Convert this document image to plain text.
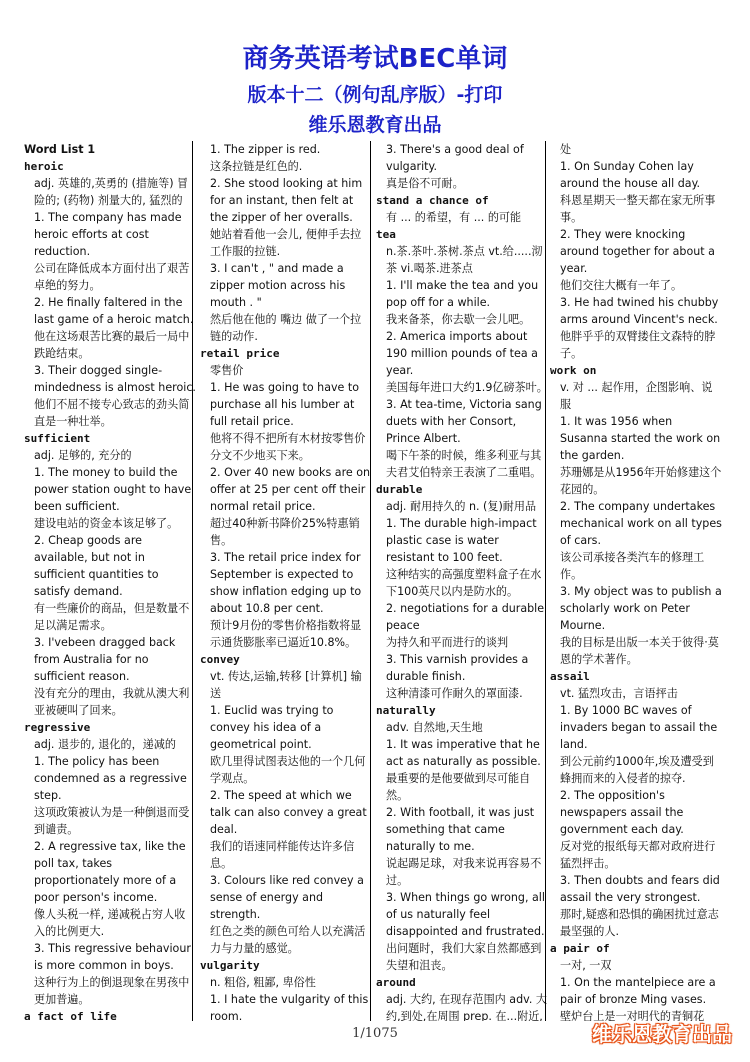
商务英语考试BEC单词
版本十二（例句乱序版）-打印
维乐恩教育出品

Word List 1

heroic

adj. 英雄的,英勇的 (措施等) 冒险的; (药物) 剂量大的, 猛烈的

1. The company has made heroic efforts at cost reduction.

公司在降低成本方面付出了艰苦卓绝的努力。

2. He finally faltered in the last game of a heroic match.

他在这场艰苦比赛的最后一局中跌跄结束。

3. Their dogged single-mindedness is almost heroic.

他们不屈不接专心致志的劲头简直是一种壮举。

sufficient

adj. 足够的, 充分的

1. The money to build the power station ought to have been sufficient.

建设电站的资金本该足够了。

2. Cheap goods are available, but not in sufficient quantities to satisfy demand.

有一些廉价的商品，但是数量不足以满足需求。

3. I'vebeen dragged back from Australia for no sufficient reason.

没有充分的理由，我就从澳大利亚被硬叫了回来。

regressive

adj. 退步的, 退化的，递减的

1. The policy has been condemned as a regressive step.

这项政策被认为是一种倒退而受到谴责。

2. A regressive tax, like the poll tax, takes proportionately more of a poor person's income.

像人头税一样, 递减税占穷人收入的比例更大.

3. This regressive behaviour is more common in boys.

这种行为上的倒退现象在男孩中更加普遍。

a fact of life

1. The zipper is red.

这条拉链是红色的.

2. She stood looking at him for an instant, then felt at the zipper of her overalls.

她站着看他一会儿, 便伸手去拉工作服的拉链.

3. I can't , " and made a zipper motion across his mouth . "

然后他在他的 嘴边 做了一个拉链的动作.

retail price

零售价

1. He was going to have to purchase all his lumber at full retail price.

他将不得不把所有木材按零售价分文不少地买下来。

2. Over 40 new books are on offer at 25 per cent off their normal retail price.

超过40种新书降价25%特惠销售。

3. The retail price index for September is expected to show inflation edging up to about 10.8 per cent.

预计9月份的零售价格指数将显示通货膨胀率已逼近10.8%。

convey

vt. 传达,运输,转移 [计算机] 输送

1. Euclid was trying to convey his idea of a geometrical point.

欧几里得试图表达他的一个几何学观点。

2. The speed at which we talk can also convey a great deal.

我们的语速同样能传达许多信息。

3. Colours like red convey a sense of energy and strength.

红色之类的颜色可给人以充满活力与力量的感觉。

vulgarity

n. 粗俗, 粗鄙, 卑俗性

1. I hate the vulgarity of this room.

3. There's a good deal of vulgarity.

真是俗不可耐。

stand a chance of

有 ... 的希望，有 ... 的可能

tea

n.茶.茶叶.茶树.茶点 vt.给.....沏茶 vi.喝茶.进茶点

1. I'll make the tea and you pop off for a while.

我来备茶，你去歇一会儿吧。

2. America imports about 190 million pounds of tea a year.

美国每年进口大约1.9亿磅茶叶。

3. At tea-time, Victoria sang duets with her Consort, Prince Albert.

喝下午茶的时候，维多利亚与其夫君艾伯特亲王表演了二重唱。

durable

adj. 耐用持久的 n. (复)耐用品

1. The durable high-impact plastic case is water resistant to 100 feet.

这种结实的高强度塑料盒子在水下100英尺以内是防水的。

2. negotiations for a durable peace

为持久和平而进行的谈判

3. This varnish provides a durable finish.

这种清漆可作耐久的罩面漆.

naturally

adv. 自然地,天生地

1. It was imperative that he act as naturally as possible.

最重要的是他要做到尽可能自然。

2. With football, it was just something that came naturally to me.

说起踢足球，对我来说再容易不过。

3. When things go wrong, all of us naturally feel disappointed and frustrated.

出问题时，我们大家自然都感到失望和沮丧。

around

adj. 大约, 在现存范围内 adv. 大约,到处,在周围 prep. 在...附近,

处

1. On Sunday Cohen lay around the house all day.

科恩星期天一整天都在家无所事事。

2. They were knocking around together for about a year.

他们交往大概有一年了。

3. He had twined his chubby arms around Vincent's neck.

他胖乎乎的双臂搂住文森特的脖子。

work on

v. 对 ... 起作用，企图影响、说服

1. It was 1956 when Susanna started the work on the garden.

苏珊娜是从1956年开始修建这个花园的。

2. The company undertakes mechanical work on all types of cars.

该公司承接各类汽车的修理工作。

3. My object was to publish a scholarly work on Peter Mourne.

我的目标是出版一本关于彼得·莫恩的学术著作。

assail

vt. 猛烈攻击，言语抨击

1. By 1000 BC waves of invaders began to assail the land.

到公元前约1000年,埃及遭受到蜂拥而来的入侵者的掠夺.

2. The opposition's newspapers assail the government each day.

反对党的报纸每天都对政府进行猛烈抨击。

3. Then doubts and fears did assail the very strongest.

那时,疑惑和恐惧的确困扰过意志最坚强的人.

a pair of

一对, 一双

1. On the mantelpiece are a pair of bronze Ming vases.

壁炉台上是一对明代的青铜花

1/1075	维乐恩教育出品
